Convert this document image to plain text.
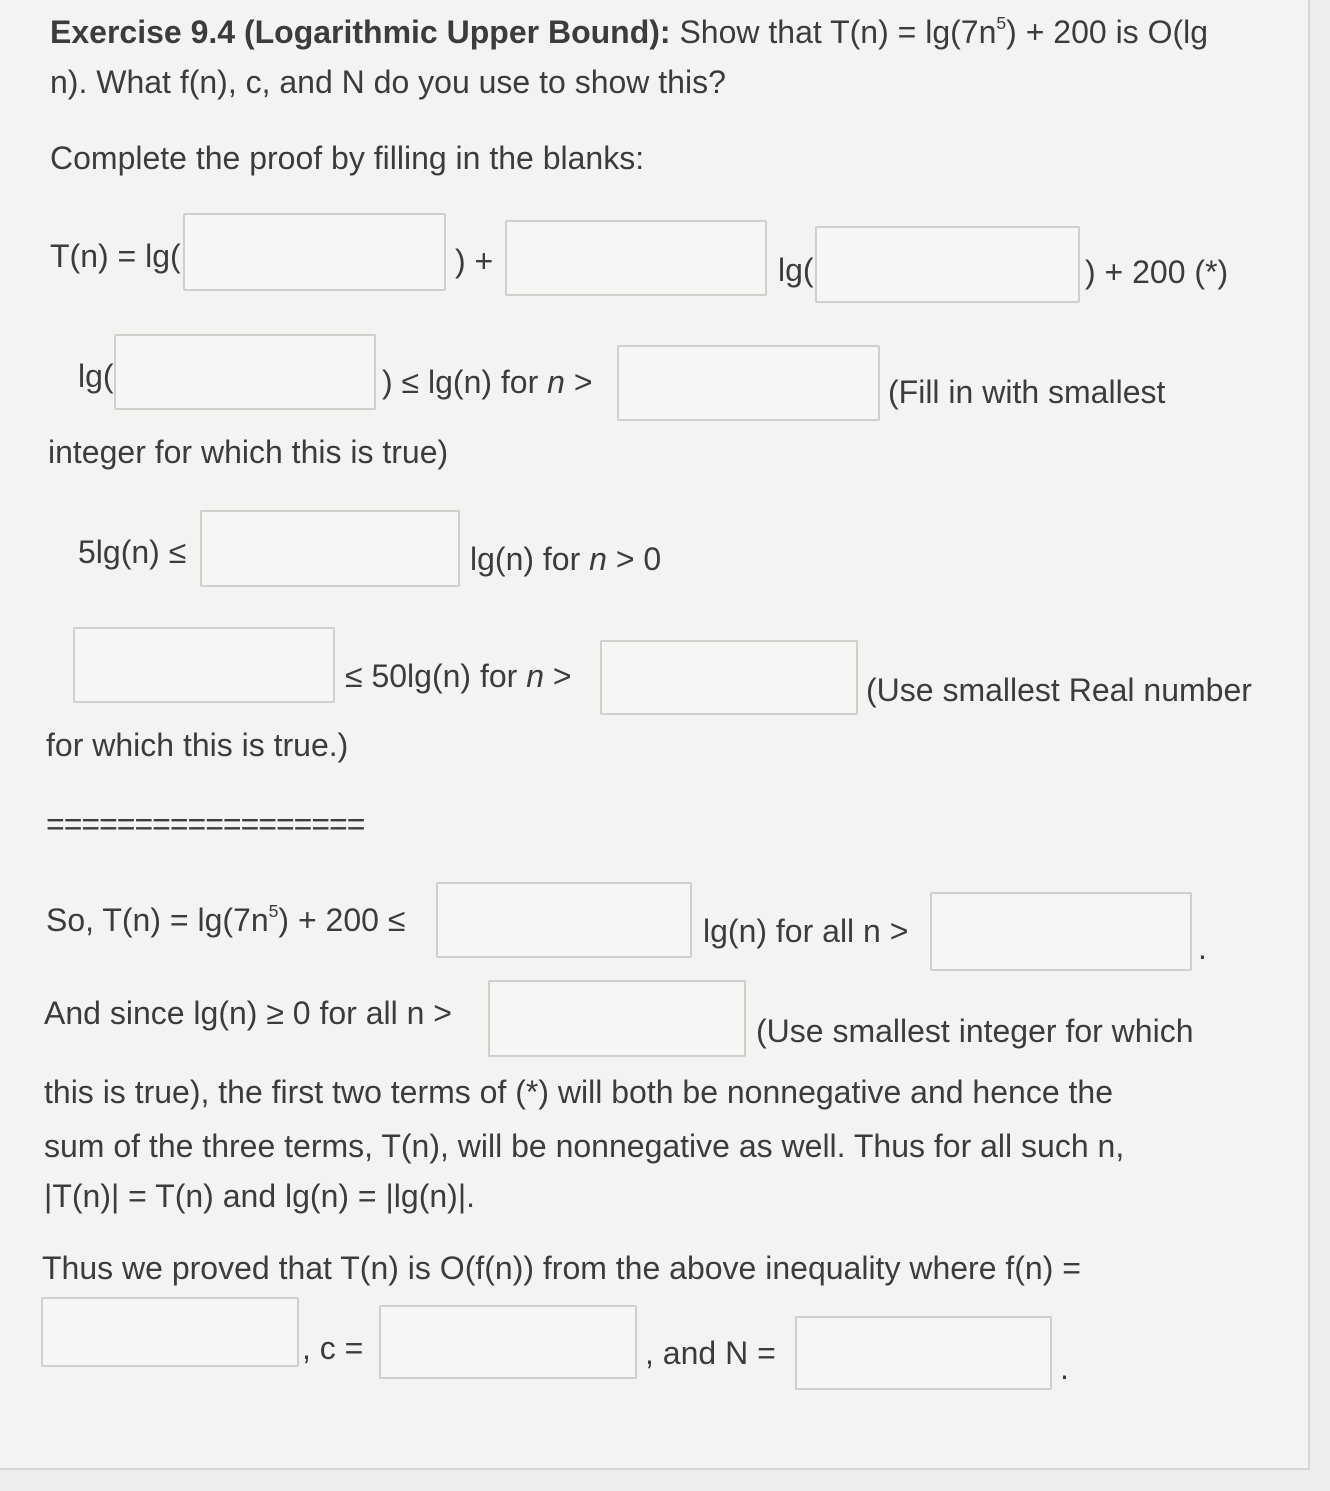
Exercise 9.4 (Logarithmic Upper Bound): Show that $T(n) = \lg(7n^5) + 200$ is O(lg
n). What f(n), c, and N do you use to show this?
Complete the proof by filling in the blanks:
T(n) = lg(	) +	lg(	) + 200 (*)
lg(	) ≤ lg(n) for n >	(Fill in with smallest
integer for which this is true)
5lg(n) ≤	lg(n) for n > 0
≤ 50lg(n) for n >	(Use smallest Real number
for which this is true.)
==================
So, $T(n) = \lg(7n^5) + 200$ ≤	lg(n) for all n >	.
And since lg(n) ≥ 0 for all n >	(Use smallest integer for which
this is true), the first two terms of (*) will both be nonnegative and hence the
sum of the three terms, T(n), will be nonnegative as well. Thus for all such n,
|T(n)| = T(n) and lg(n) = |lg(n)|.
Thus we proved that T(n) is O(f(n)) from the above inequality where f(n) =
, c =	, and N =	.
